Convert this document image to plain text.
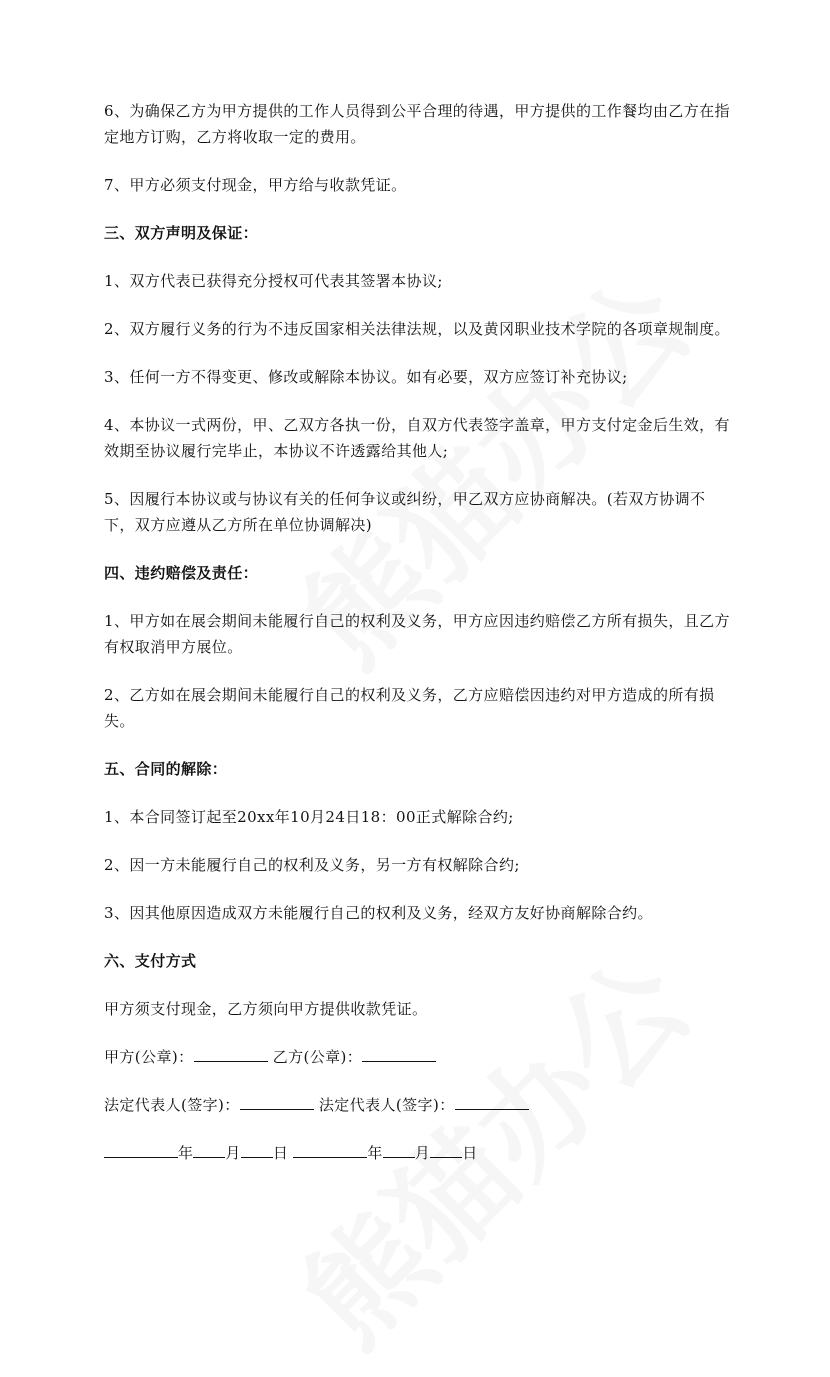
6、为确保乙方为甲方提供的工作人员得到公平合理的待遇，甲方提供的工作餐均由乙方在指定地方订购，乙方将收取一定的费用。

7、甲方必须支付现金，甲方给与收款凭证。

三、双方声明及保证：

1、双方代表已获得充分授权可代表其签署本协议;

2、双方履行义务的行为不违反国家相关法律法规，以及黄冈职业技术学院的各项章规制度。

3、任何一方不得变更、修改或解除本协议。如有必要，双方应签订补充协议;

4、本协议一式两份，甲、乙双方各执一份，自双方代表签字盖章，甲方支付定金后生效，有效期至协议履行完毕止，本协议不许透露给其他人;

5、因履行本协议或与协议有关的任何争议或纠纷，甲乙双方应协商解决。(若双方协调不下，双方应遵从乙方所在单位协调解决)

四、违约赔偿及责任：

1、甲方如在展会期间未能履行自己的权利及义务，甲方应因违约赔偿乙方所有损失，且乙方有权取消甲方展位。

2、乙方如在展会期间未能履行自己的权利及义务，乙方应赔偿因违约对甲方造成的所有损失。

五、合同的解除：

1、本合同签订起至20xx年10月24日18：00正式解除合约;

2、因一方未能履行自己的权利及义务，另一方有权解除合约;

3、因其他原因造成双方未能履行自己的权利及义务，经双方友好协商解除合约。

六、支付方式

甲方须支付现金，乙方须向甲方提供收款凭证。

甲方(公章)：	乙方(公章)：
法定代表人(签字)：	法定代表人(签字)：
年 月 日	年 月 日
